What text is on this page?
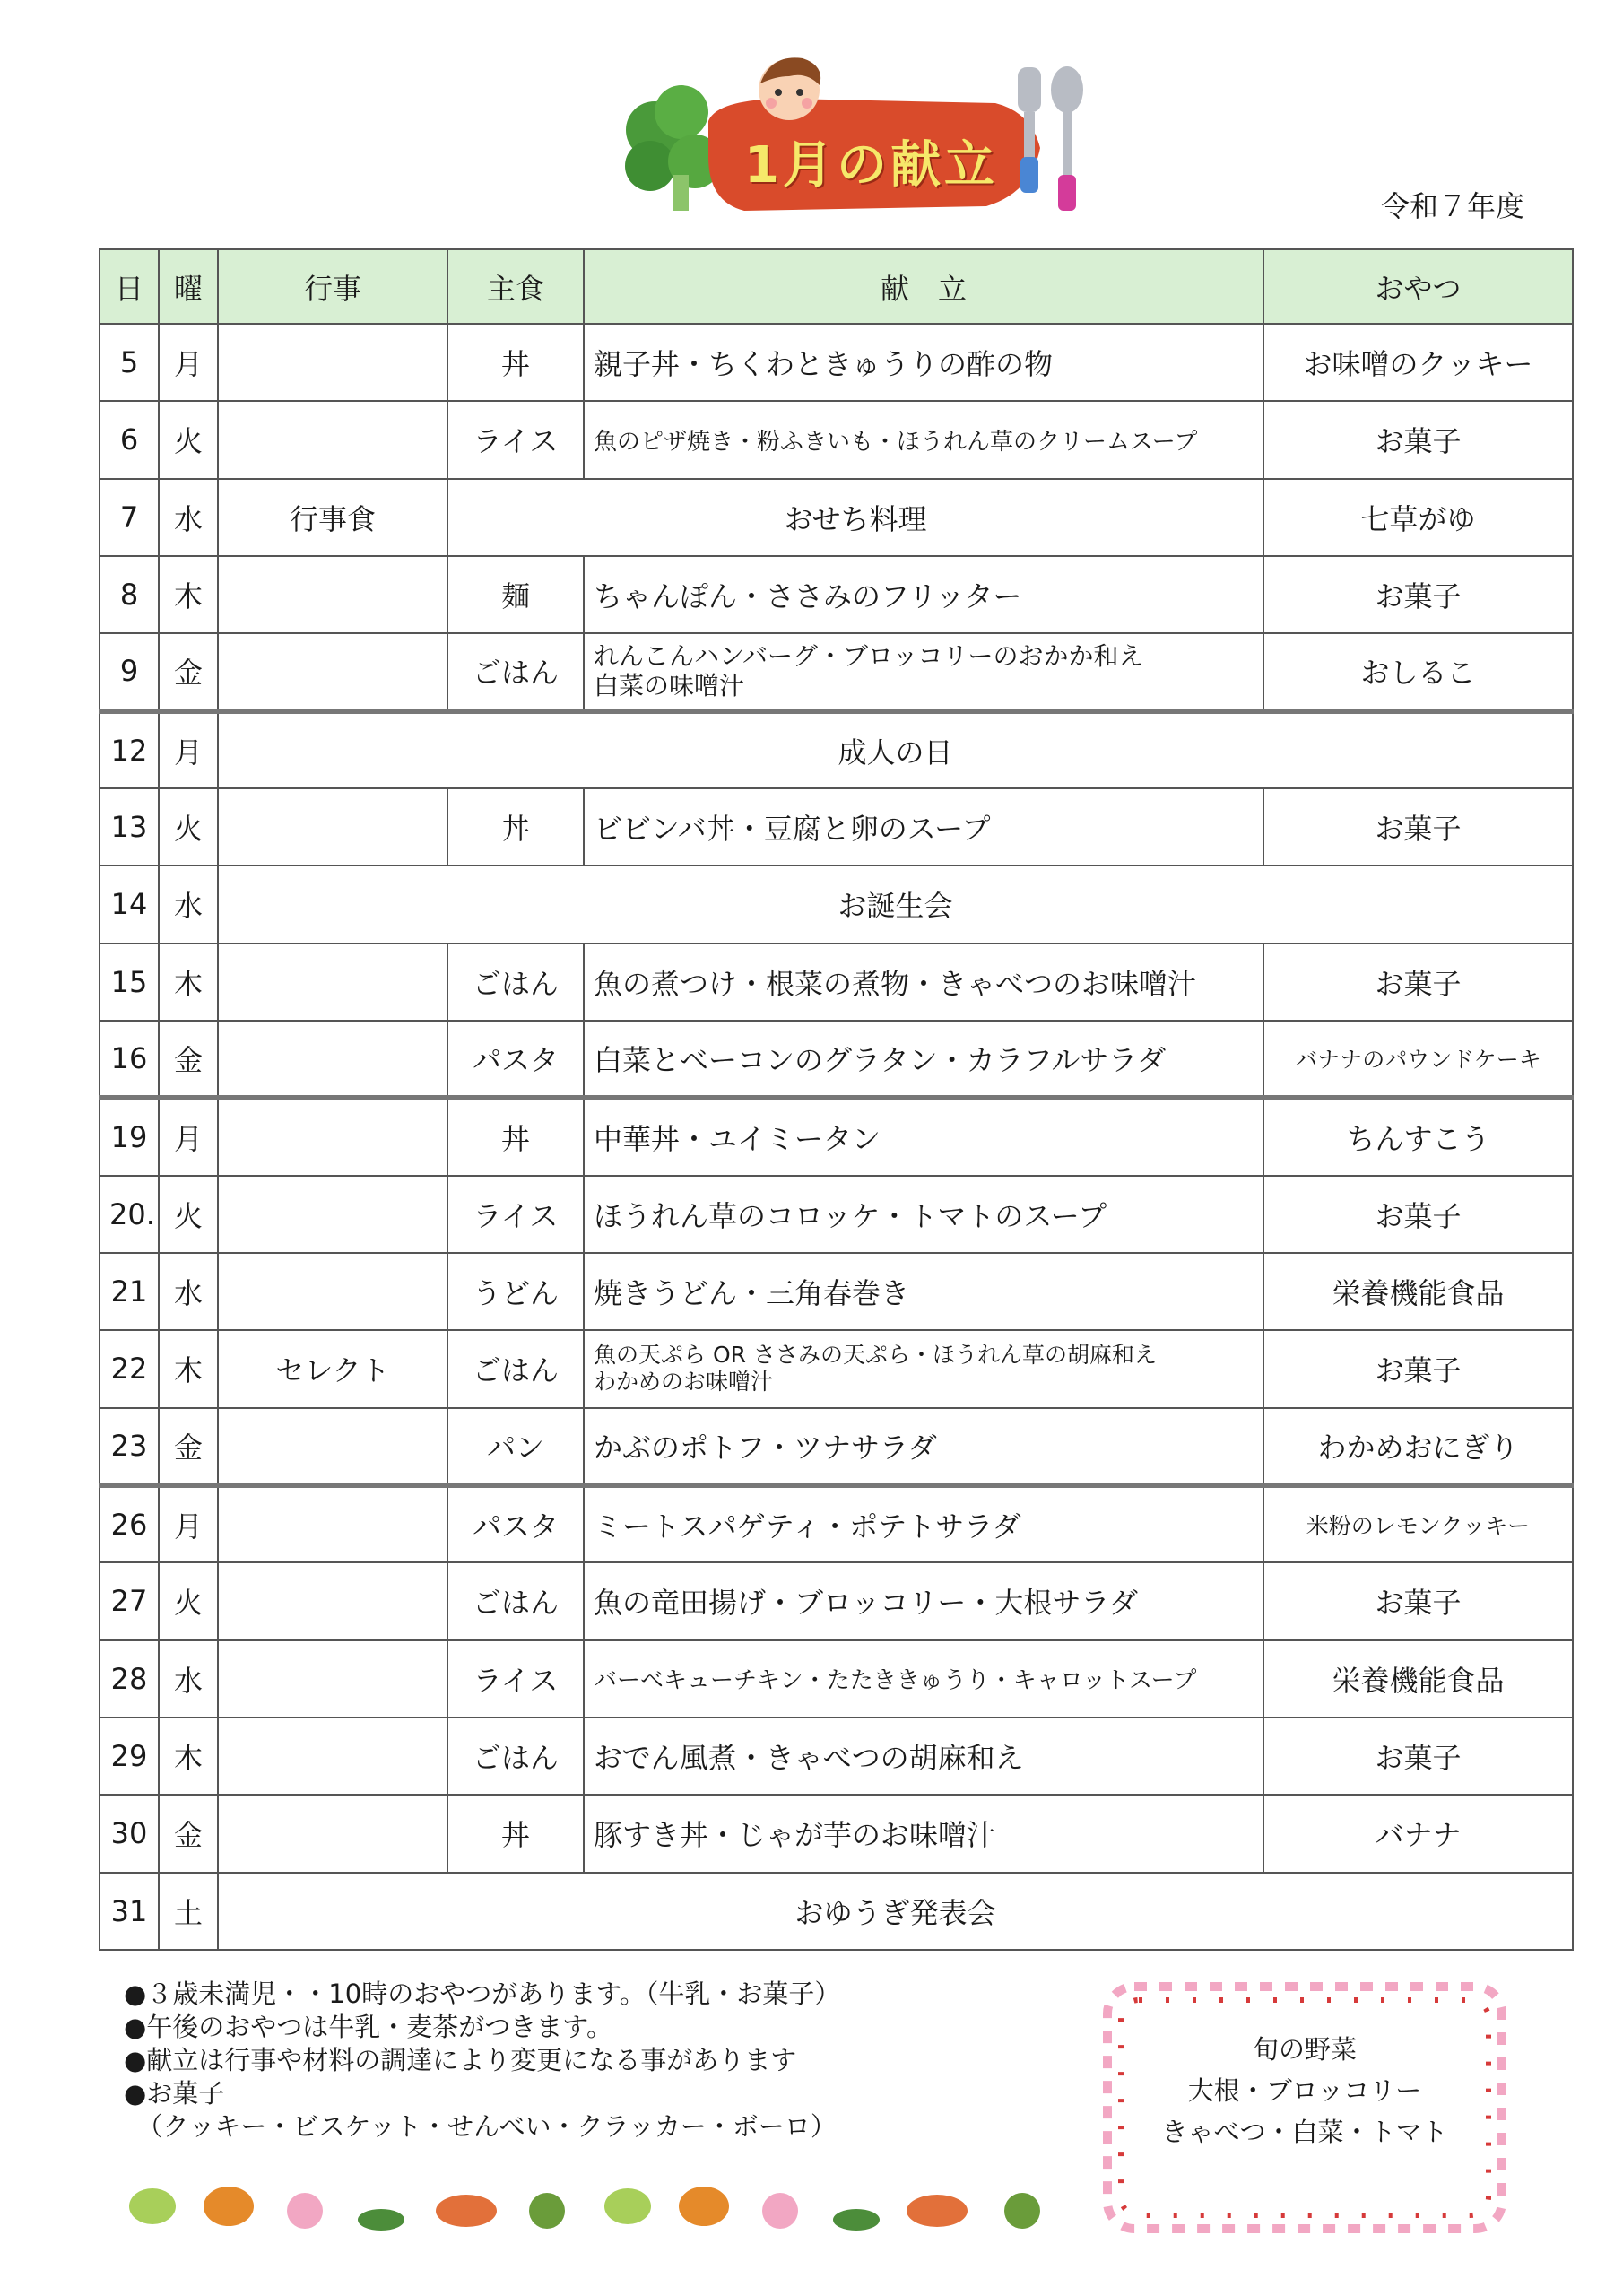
1月の献立
令和７年度
日	曜	行事	主食	献　立	おやつ
5	月		丼	親子丼・ちくわときゅうりの酢の物	お味噌のクッキー
6	火		ライス	魚のピザ焼き・粉ふきいも・ほうれん草のクリームスープ	お菓子
7	水	行事食	おせち料理		七草がゆ
8	木		麺	ちゃんぽん・ささみのフリッター	お菓子
9	金		ごはん	れんこんハンバーグ・ブロッコリーのおかか和え
白菜の味噌汁	おしるこ
12	月	成人の日			
13	火		丼	ビビンバ丼・豆腐と卵のスープ	お菓子
14	水	お誕生会			
15	木		ごはん	魚の煮つけ・根菜の煮物・きゃべつのお味噌汁	お菓子
16	金		パスタ	白菜とベーコンのグラタン・カラフルサラダ	バナナのパウンドケーキ
19	月		丼	中華丼・ユイミータン	ちんすこう
20.	火		ライス	ほうれん草のコロッケ・トマトのスープ	お菓子
21	水		うどん	焼きうどん・三角春巻き	栄養機能食品
22	木	セレクト	ごはん	魚の天ぷら OR ささみの天ぷら・ほうれん草の胡麻和え
わかめのお味噌汁	お菓子
23	金		パン	かぶのポトフ・ツナサラダ	わかめおにぎり
26	月		パスタ	ミートスパゲティ・ポテトサラダ	米粉のレモンクッキー
27	火		ごはん	魚の竜田揚げ・ブロッコリー・大根サラダ	お菓子
28	水		ライス	バーベキューチキン・たたききゅうり・キャロットスープ	栄養機能食品
29	木		ごはん	おでん風煮・きゃべつの胡麻和え	お菓子
30	金		丼	豚すき丼・じゃが芋のお味噌汁	バナナ
31	土	おゆうぎ発表会			
●３歳未満児・・10時のおやつがあります。（牛乳・お菓子）
●午後のおやつは牛乳・麦茶がつきます。
●献立は行事や材料の調達により変更になる事があります
●お菓子
　（クッキー・ビスケット・せんべい・クラッカー・ボーロ）
旬の野菜
大根・ブロッコリー
きゃべつ・白菜・トマト
